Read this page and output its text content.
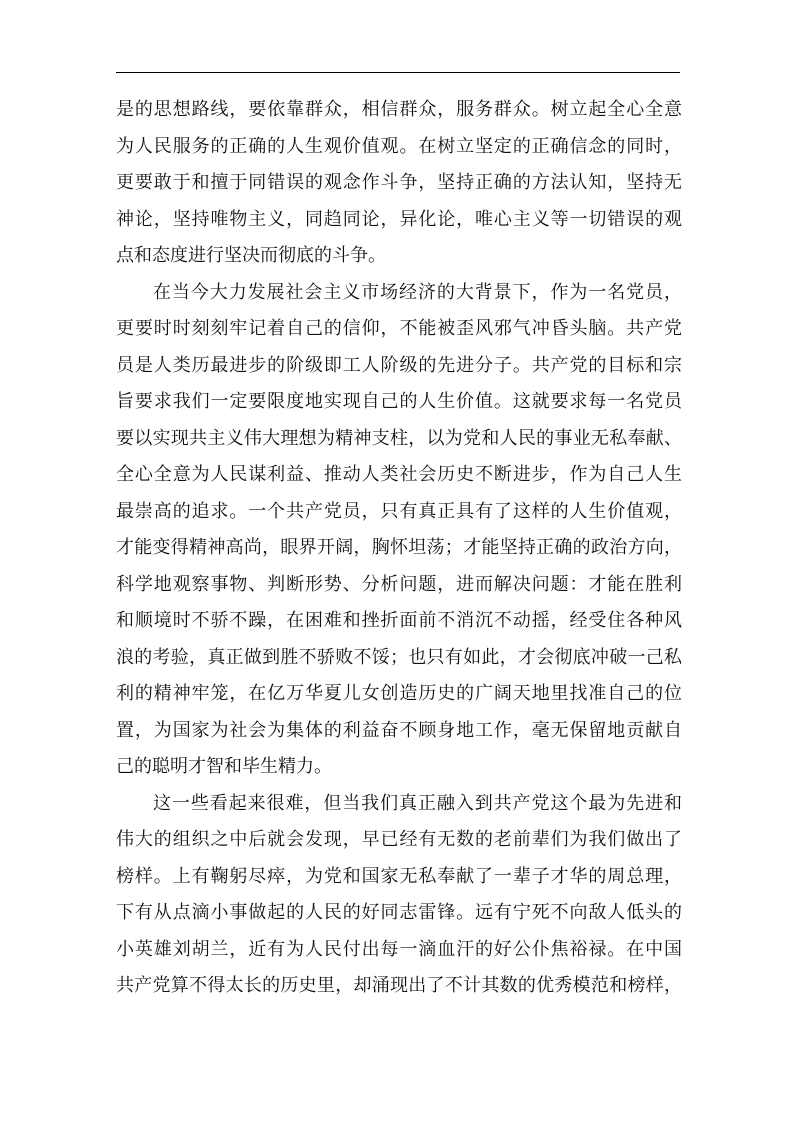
是的思想路线，要依靠群众，相信群众，服务群众。树立起全心全意
为人民服务的正确的人生观价值观。在树立坚定的正确信念的同时，
更要敢于和擅于同错误的观念作斗争，坚持正确的方法认知，坚持无
神论，坚持唯物主义，同趋同论，异化论，唯心主义等一切错误的观
点和态度进行坚决而彻底的斗争。
在当今大力发展社会主义市场经济的大背景下，作为一名党员，
更要时时刻刻牢记着自己的信仰，不能被歪风邪气冲昏头脑。共产党
员是人类历最进步的阶级即工人阶级的先进分子。共产党的目标和宗
旨要求我们一定要限度地实现自己的人生价值。这就要求每一名党员
要以实现共主义伟大理想为精神支柱，以为党和人民的事业无私奉献、
全心全意为人民谋利益、推动人类社会历史不断进步，作为自己人生
最崇高的追求。一个共产党员，只有真正具有了这样的人生价值观，
才能变得精神高尚，眼界开阔，胸怀坦荡；才能坚持正确的政治方向，
科学地观察事物、判断形势、分析问题，进而解决问题：才能在胜利
和顺境时不骄不躁，在困难和挫折面前不消沉不动摇，经受住各种风
浪的考验，真正做到胜不骄败不馁；也只有如此，才会彻底冲破一己私
利的精神牢笼，在亿万华夏儿女创造历史的广阔天地里找准自己的位
置，为国家为社会为集体的利益奋不顾身地工作，毫无保留地贡献自
己的聪明才智和毕生精力。
这一些看起来很难，但当我们真正融入到共产党这个最为先进和
伟大的组织之中后就会发现，早已经有无数的老前辈们为我们做出了
榜样。上有鞠躬尽瘁，为党和国家无私奉献了一辈子才华的周总理，
下有从点滴小事做起的人民的好同志雷锋。远有宁死不向敌人低头的
小英雄刘胡兰，近有为人民付出每一滴血汗的好公仆焦裕禄。在中国
共产党算不得太长的历史里，却涌现出了不计其数的优秀模范和榜样，
